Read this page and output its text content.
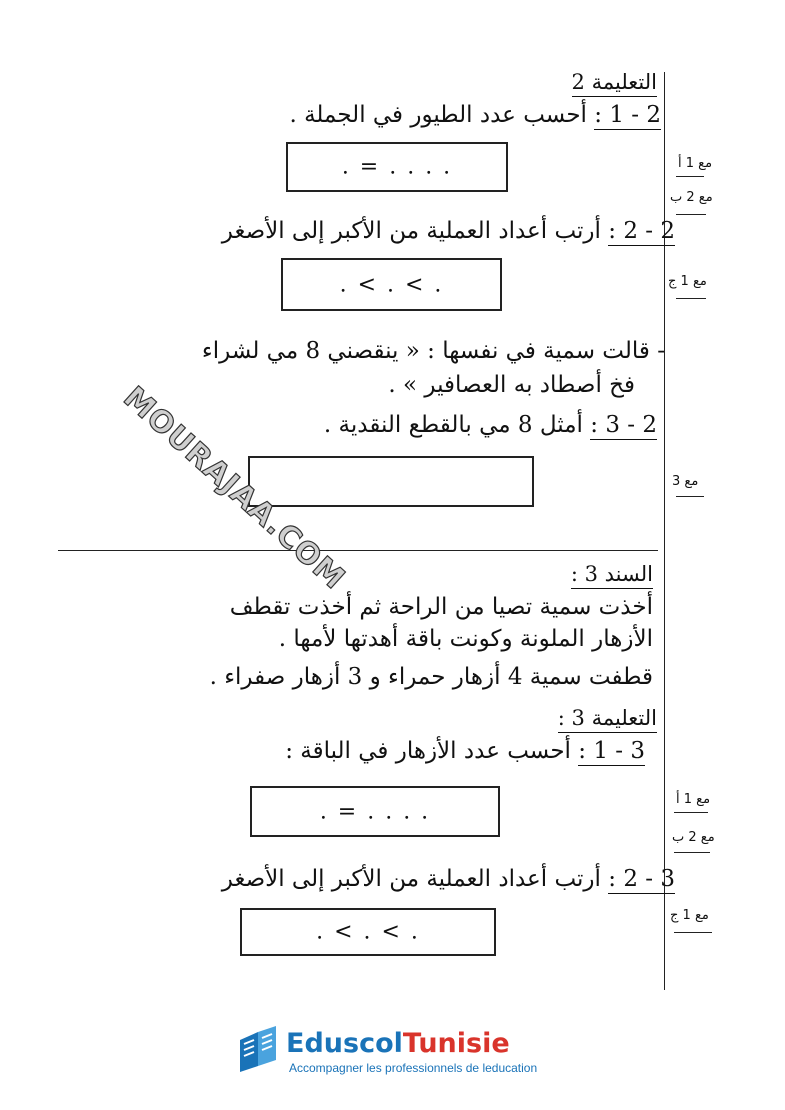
التعليمة 2
2 - 1 : أحسب عدد الطيور في الجملة .
. = . . . .
2 - 2 : أرتب أعداد العملية من الأكبر إلى الأصغر
. < . < .
- قالت سمية في نفسها : « ينقصني 8 مي لشراء
فخ أصطاد به العصافير » .
2 - 3 : أمثل 8 مي بالقطع النقدية .
مع 1 أ
مع 2 ب
مع 1 ج
مع 3
السند 3 :
أخذت سمية تصيا من الراحة ثم أخذت تقطف
الأزهار الملونة وكونت باقة أهدتها لأمها .
قطفت سمية 4 أزهار حمراء و 3 أزهار صفراء .
التعليمة 3 :
3 - 1 : أحسب عدد الأزهار في الباقة :
. = . . . .
3 - 2 : أرتب أعداد العملية من الأكبر إلى الأصغر
. < . < .
مع 1 أ
مع 2 ب
مع 1 ج
MOURAJAA.COM
EduscolTunisie
Accompagner les professionnels de leducation
